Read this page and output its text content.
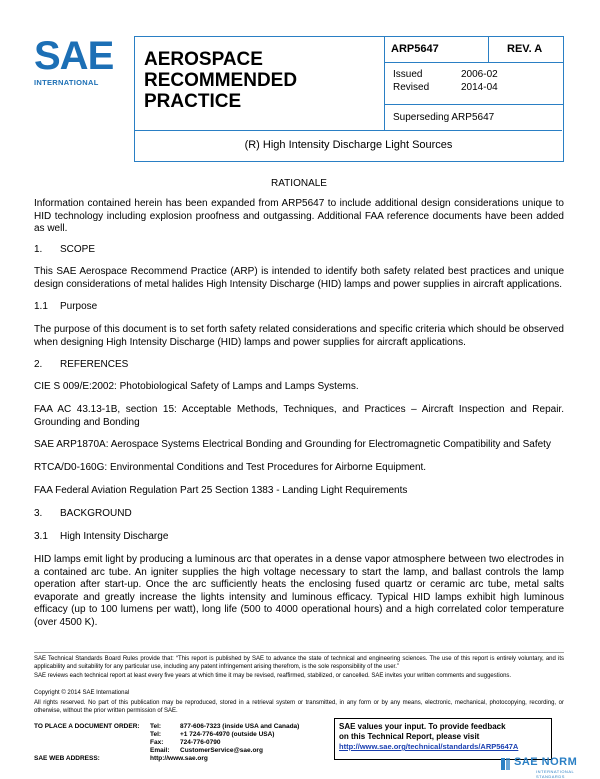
SAE
INTERNATIONAL
AEROSPACE
RECOMMENDED PRACTICE
ARP5647	REV. A
Issued	2006-02
Revised	2014-04
Superseding ARP5647
(R) High Intensity Discharge Light Sources
RATIONALE
Information contained herein has been expanded from ARP5647 to include additional design considerations unique to HID technology including explosion proofness and outgassing. Additional FAA reference documents have been added as well.
1. SCOPE
This SAE Aerospace Recommend Practice (ARP) is intended to identify both safety related best practices and unique design considerations of metal halides High Intensity Discharge (HID) lamps and power supplies in aircraft applications.
1.1 Purpose
The purpose of this document is to set forth safety related considerations and specific criteria which should be observed when designing High Intensity Discharge (HID) lamps and power supplies for aircraft applications.
2. REFERENCES
CIE S 009/E:2002: Photobiological Safety of Lamps and Lamps Systems.
FAA AC 43.13-1B, section 15: Acceptable Methods, Techniques, and Practices – Aircraft Inspection and Repair. Grounding and Bonding
SAE ARP1870A: Aerospace Systems Electrical Bonding and Grounding for Electromagnetic Compatibility and Safety
RTCA/D0-160G: Environmental Conditions and Test Procedures for Airborne Equipment.
FAA Federal Aviation Regulation Part 25 Section 1383 - Landing Light Requirements
3. BACKGROUND
3.1 High Intensity Discharge
HID lamps emit light by producing a luminous arc that operates in a dense vapor atmosphere between two electrodes in a contained arc tube. An igniter supplies the high voltage necessary to start the lamp, and ballast controls the lamp operation after start-up. Once the arc sufficiently heats the enclosing fused quartz or ceramic arc tube, metal salts evaporate and greatly increase the lights intensity and luminous efficacy. Typical HID lamps exhibit high luminous efficacy (up to 100 lumens per watt), long life (500 to 4000 operational hours) and a high correlated color temperature (over 4500 K).
SAE Technical Standards Board Rules provide that: “This report is published by SAE to advance the state of technical and engineering sciences. The use of this report is entirely voluntary, and its applicability and suitability for any particular use, including any patent infringement arising therefrom, is the sole responsibility of the user.”
SAE reviews each technical report at least every five years at which time it may be revised, reaffirmed, stabilized, or cancelled. SAE invites your written comments and suggestions.
Copyright © 2014 SAE International
All rights reserved. No part of this publication may be reproduced, stored in a retrieval system or transmitted, in any form or by any means, electronic, mechanical, photocopying, recording, or otherwise, without the prior written permission of SAE.
TO PLACE A DOCUMENT ORDER:	Tel:	877-606-7323 (inside USA and Canada)
	Tel:	+1 724-776-4970 (outside USA)
	Fax:	724-776-0790
	Email:	CustomerService@sae.org
SAE WEB ADDRESS:	http://www.sae.org	
SAE values your input. To provide feedback
on this Technical Report, please visit
http://www.sae.org/technical/standards/ARP5647A
SAE NORM
INTERNATIONAL STANDARDS
